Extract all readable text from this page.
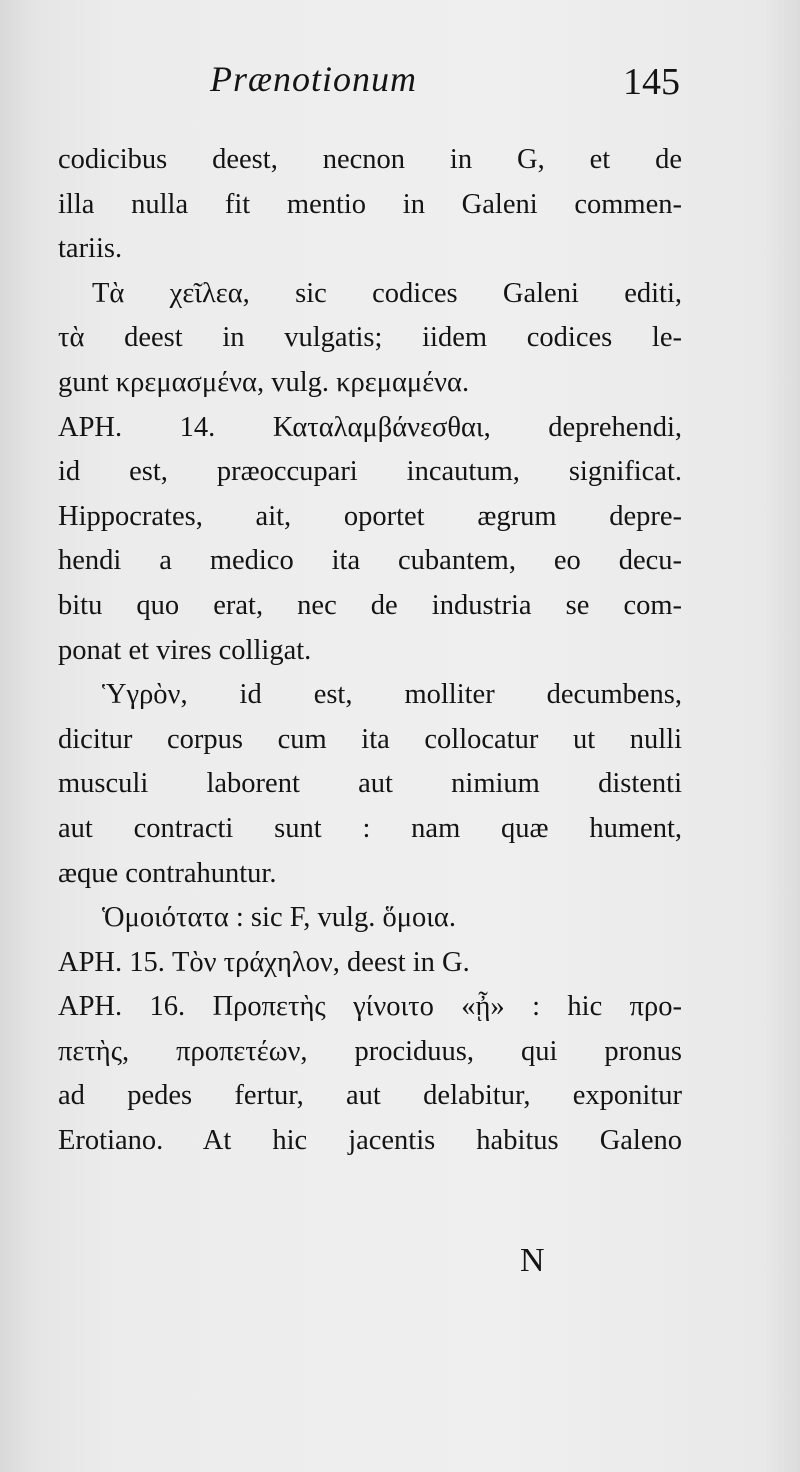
Prænotionum	145
codicibus deest, necnon in G, et de
illa nulla fit mentio in Galeni commen-
tariis.
Τὰ χεῖλεα, sic codices Galeni editi,
τὰ deest in vulgatis; iidem codices le-
gunt κρεμασμένα, vulg. κρεμαμένα.
APH. 14. Καταλαμβάνεσθαι, deprehendi,
id est, præoccupari incautum, significat.
Hippocrates, ait, oportet ægrum depre-
hendi a medico ita cubantem, eo decu-
bitu quo erat, nec de industria se com-
ponat et vires colligat.
Ὑγρὸν, id est, molliter decumbens,
dicitur corpus cum ita collocatur ut nulli
musculi laborent aut nimium distenti
aut contracti sunt : nam quæ hument,
æque contrahuntur.
Ὁμοιότατα : sic F, vulg. ὅμοια.
APH. 15. Τὸν τράχηλον, deest in G.
APH. 16. Προπετὴς γίνοιτο «ᾖ» : hic προ-
πετὴς, προπετέων, prociduus, qui pronus
ad pedes fertur, aut delabitur, exponitur
Erotiano. At hic jacentis habitus Galeno
N
